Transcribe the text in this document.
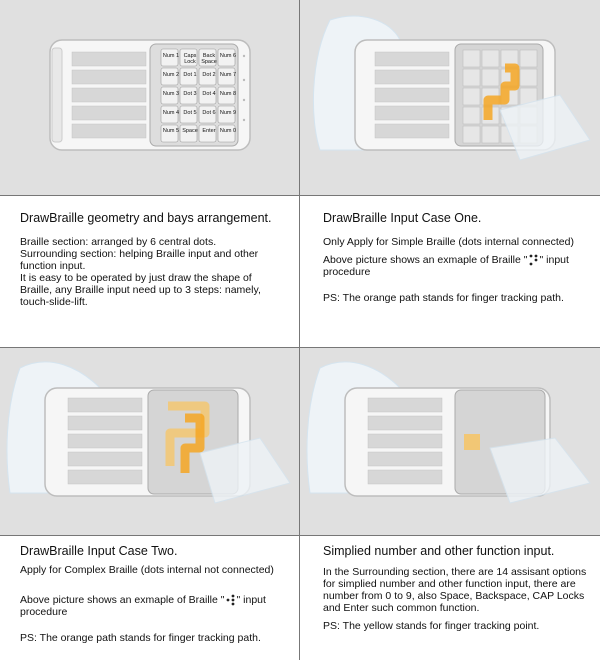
Num 1 Caps Lock
Back Space
Num 6
Num 2 Dot 1	Dot 2 Num 7
Num 3 Dot 3	Dot 4 Num 8
Num 4 Dot 5	Dot 6 Num 9
Num 5 Space Enter Num 0

DrawBraille geometry and bays arrangement.

Braille section: arranged by 6 central dots.

Surrounding section: helping Braille input and other

function input.

It is easy to be operated by just draw the shape of

Braille, any Braille input need up to 3 steps: namely,

touch-slide-lift.

DrawBraille Input Case One.

Only Apply for Simple Braille (dots internal connected)

Above picture shows an exmaple of Braille " " input

procedure

PS: The orange path stands for finger tracking path.

DrawBraille Input Case Two.

Apply for Complex Braille (dots internal not connected)

Above picture shows an exmaple of Braille " " input

procedure

PS: The orange path stands for finger tracking path.

Simplied number and other function input.

In the Surrounding section, there are 14 assisant options

for simplied number and other function input, there are

number from 0 to 9, also Space, Backspace, CAP Locks

and Enter such common function.

PS: The yellow stands for finger tracking point.
